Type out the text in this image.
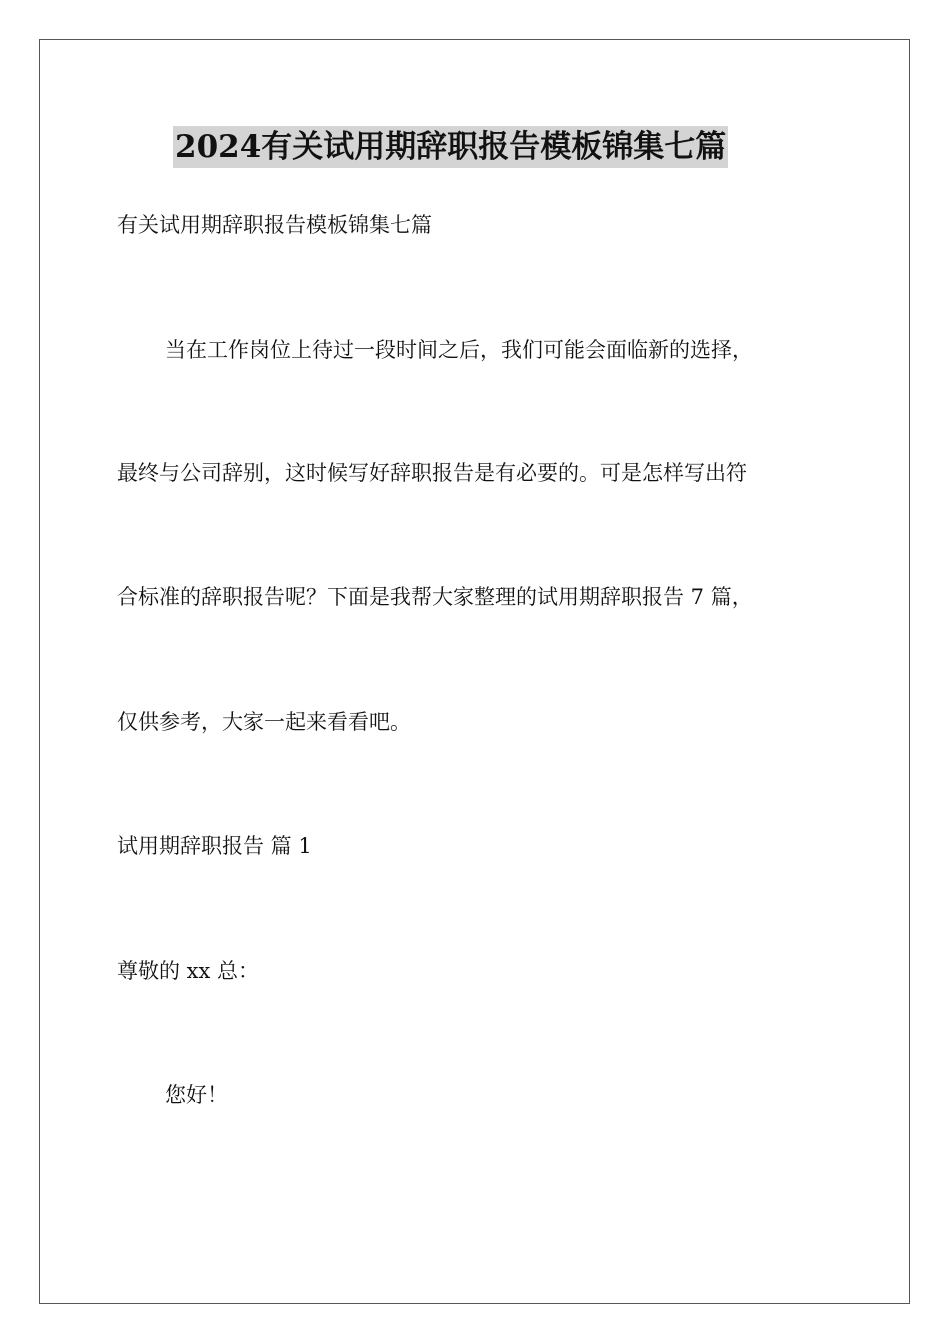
2024有关试用期辞职报告模板锦集七篇
有关试用期辞职报告模板锦集七篇
当在工作岗位上待过一段时间之后，我们可能会面临新的选择，
最终与公司辞别，这时候写好辞职报告是有必要的。可是怎样写出符
合标准的辞职报告呢？下面是我帮大家整理的试用期辞职报告 7 篇，
仅供参考，大家一起来看看吧。
试用期辞职报告 篇 1
尊敬的 xx 总：
您好！
